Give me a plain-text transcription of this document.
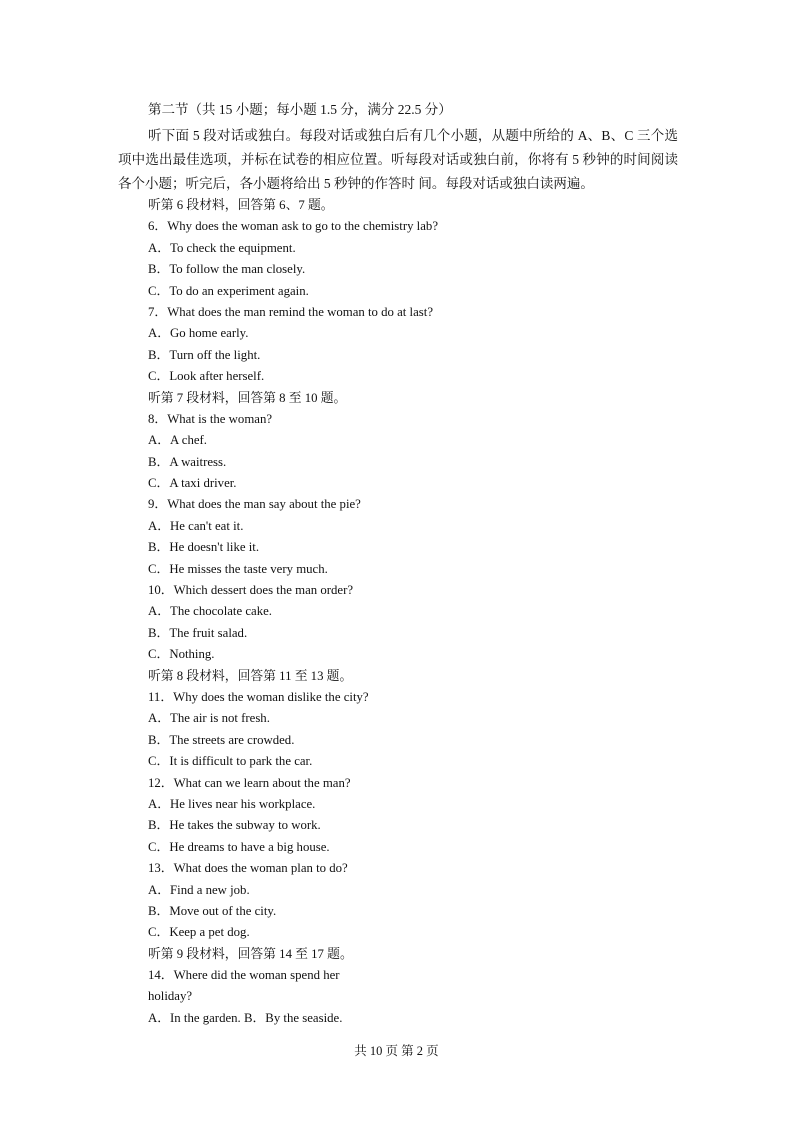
第二节（共 15 小题；每小题 1.5 分，满分 22.5 分）
听下面 5 段对话或独白。每段对话或独白后有几个小题，从题中所给的 A、B、C 三个选项中选出最佳选项，并标在试卷的相应位置。听每段对话或独白前，你将有 5 秒钟的时间阅读各个小题；听完后，各小题将给出 5 秒钟的作答时 间。每段对话或独白读两遍。
听第 6 段材料，回答第 6、7 题。
6．Why does the woman ask to go to the chemistry lab?
A．To check the equipment.
B．To follow the man closely.
C．To do an experiment again.
7．What does the man remind the woman to do at last?
A．Go home early.
B．Turn off the light.
C．Look after herself.
听第 7 段材料，回答第 8 至 10 题。
8．What is the woman?
A．A chef.
B．A waitress.
C．A taxi driver.
9．What does the man say about the pie?
A．He can't eat it.
B．He doesn't like it.
C．He misses the taste very much.
10．Which dessert does the man order?
A．The chocolate cake.
B．The fruit salad.
C．Nothing.
听第 8 段材料，回答第 11 至 13 题。
11．Why does the woman dislike the city?
A．The air is not fresh.
B．The streets are crowded.
C．It is difficult to park the car.
12．What can we learn about the man?
A．He lives near his workplace.
B．He takes the subway to work.
C．He dreams to have a big house.
13．What does the woman plan to do?
A．Find a new job.
B．Move out of the city.
C．Keep a pet dog.
听第 9 段材料，回答第 14 至 17 题。
14．Where did the woman spend her
holiday?
A．In the garden. B．By the seaside.
共 10 页 第 2 页
